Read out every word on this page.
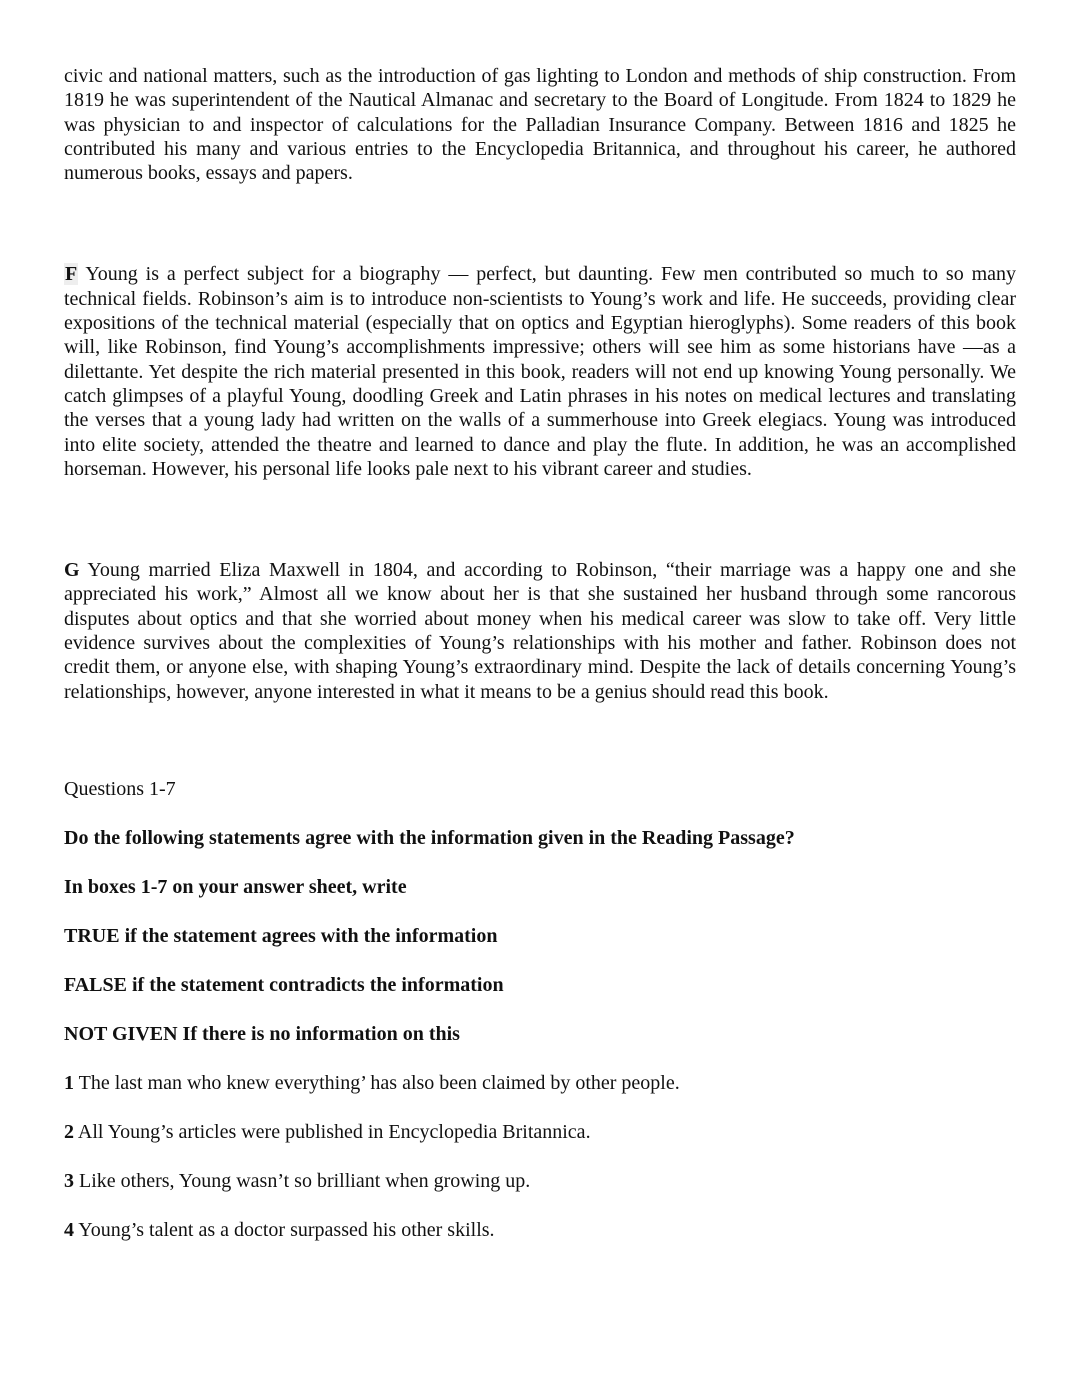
civic and national matters, such as the introduction of gas lighting to London and methods of ship construction. From 1819 he was superintendent of the Nautical Almanac and secretary to the Board of Longitude. From 1824 to 1829 he was physician to and inspector of calculations for the Palladian Insurance Company. Between 1816 and 1825 he contributed his many and various entries to the Encyclopedia Britannica, and throughout his career, he authored numerous books, essays and papers.

F Young is a perfect subject for a biography — perfect, but daunting. Few men contributed so much to so many technical fields. Robinson’s aim is to introduce non-scientists to Young’s work and life. He succeeds, providing clear expositions of the technical material (especially that on optics and Egyptian hieroglyphs). Some readers of this book will, like Robinson, find Young’s accomplishments impressive; others will see him as some historians have —as a dilettante. Yet despite the rich material presented in this book, readers will not end up knowing Young personally. We catch glimpses of a playful Young, doodling Greek and Latin phrases in his notes on medical lectures and translating the verses that a young lady had written on the walls of a summerhouse into Greek elegiacs. Young was introduced into elite society, attended the theatre and learned to dance and play the flute. In addition, he was an accomplished horseman. However, his personal life looks pale next to his vibrant career and studies.

G Young married Eliza Maxwell in 1804, and according to Robinson, “their marriage was a happy one and she appreciated his work,” Almost all we know about her is that she sustained her husband through some rancorous disputes about optics and that she worried about money when his medical career was slow to take off. Very little evidence survives about the complexities of Young’s relationships with his mother and father. Robinson does not credit them, or anyone else, with shaping Young’s extraordinary mind. Despite the lack of details concerning Young’s relationships, however, anyone interested in what it means to be a genius should read this book.

Questions 1-7

Do the following statements agree with the information given in the Reading Passage?

In boxes 1-7 on your answer sheet, write

TRUE if the statement agrees with the information

FALSE if the statement contradicts the information

NOT GIVEN If there is no information on this

1 The last man who knew everything’ has also been claimed by other people.

2 All Young’s articles were published in Encyclopedia Britannica.

3 Like others, Young wasn’t so brilliant when growing up.

4 Young’s talent as a doctor surpassed his other skills.
